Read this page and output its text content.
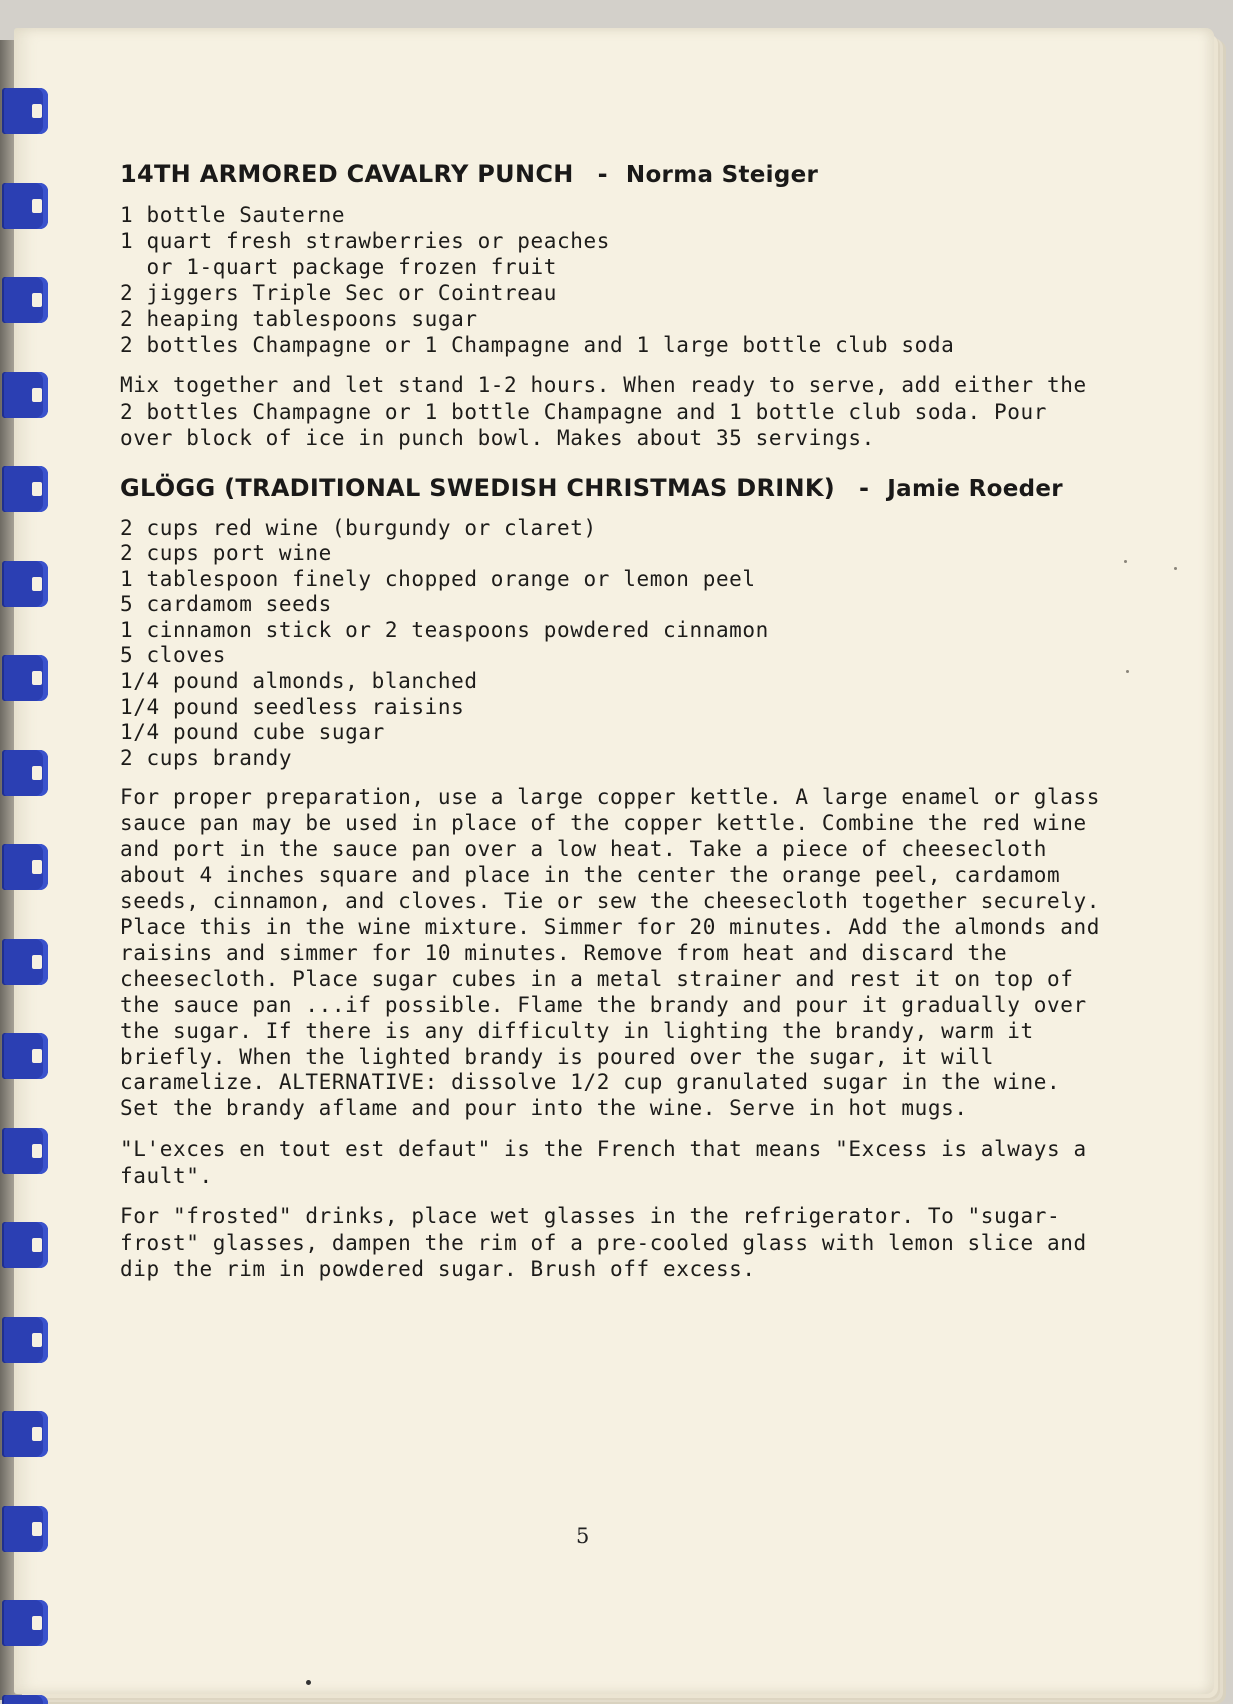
14TH ARMORED CAVALRY PUNCH - Norma Steiger
1 bottle Sauterne
1 quart fresh strawberries or peaches
or 1-quart package frozen fruit
2 jiggers Triple Sec or Cointreau
2 heaping tablespoons sugar
2 bottles Champagne or 1 Champagne and 1 large bottle club soda

Mix together and let stand 1-2 hours. When ready to serve, add either the 2 bottles Champagne or 1 bottle Champagne and 1 bottle club soda. Pour over block of ice in punch bowl. Makes about 35 servings.

GLÖGG (TRADITIONAL SWEDISH CHRISTMAS DRINK) - Jamie Roeder
2 cups red wine (burgundy or claret)
2 cups port wine
1 tablespoon finely chopped orange or lemon peel
5 cardamom seeds
1 cinnamon stick or 2 teaspoons powdered cinnamon
5 cloves
1/4 pound almonds, blanched
1/4 pound seedless raisins
1/4 pound cube sugar
2 cups brandy

For proper preparation, use a large copper kettle. A large enamel or glass sauce pan may be used in place of the copper kettle. Combine the red wine and port in the sauce pan over a low heat. Take a piece of cheesecloth about 4 inches square and place in the center the orange peel, cardamom seeds, cinnamon, and cloves. Tie or sew the cheesecloth together securely. Place this in the wine mixture. Simmer for 20 minutes. Add the almonds and raisins and simmer for 10 minutes. Remove from heat and discard the cheesecloth. Place sugar cubes in a metal strainer and rest it on top of the sauce pan ...if possible. Flame the brandy and pour it gradually over the sugar. If there is any difficulty in lighting the brandy, warm it briefly. When the lighted brandy is poured over the sugar, it will caramelize. ALTERNATIVE: dissolve 1/2 cup granulated sugar in the wine. Set the brandy aflame and pour into the wine. Serve in hot mugs.

"L'exces en tout est defaut" is the French that means "Excess is always a fault".

For "frosted" drinks, place wet glasses in the refrigerator. To "sugar-frost" glasses, dampen the rim of a pre-cooled glass with lemon slice and dip the rim in powdered sugar. Brush off excess.

5
